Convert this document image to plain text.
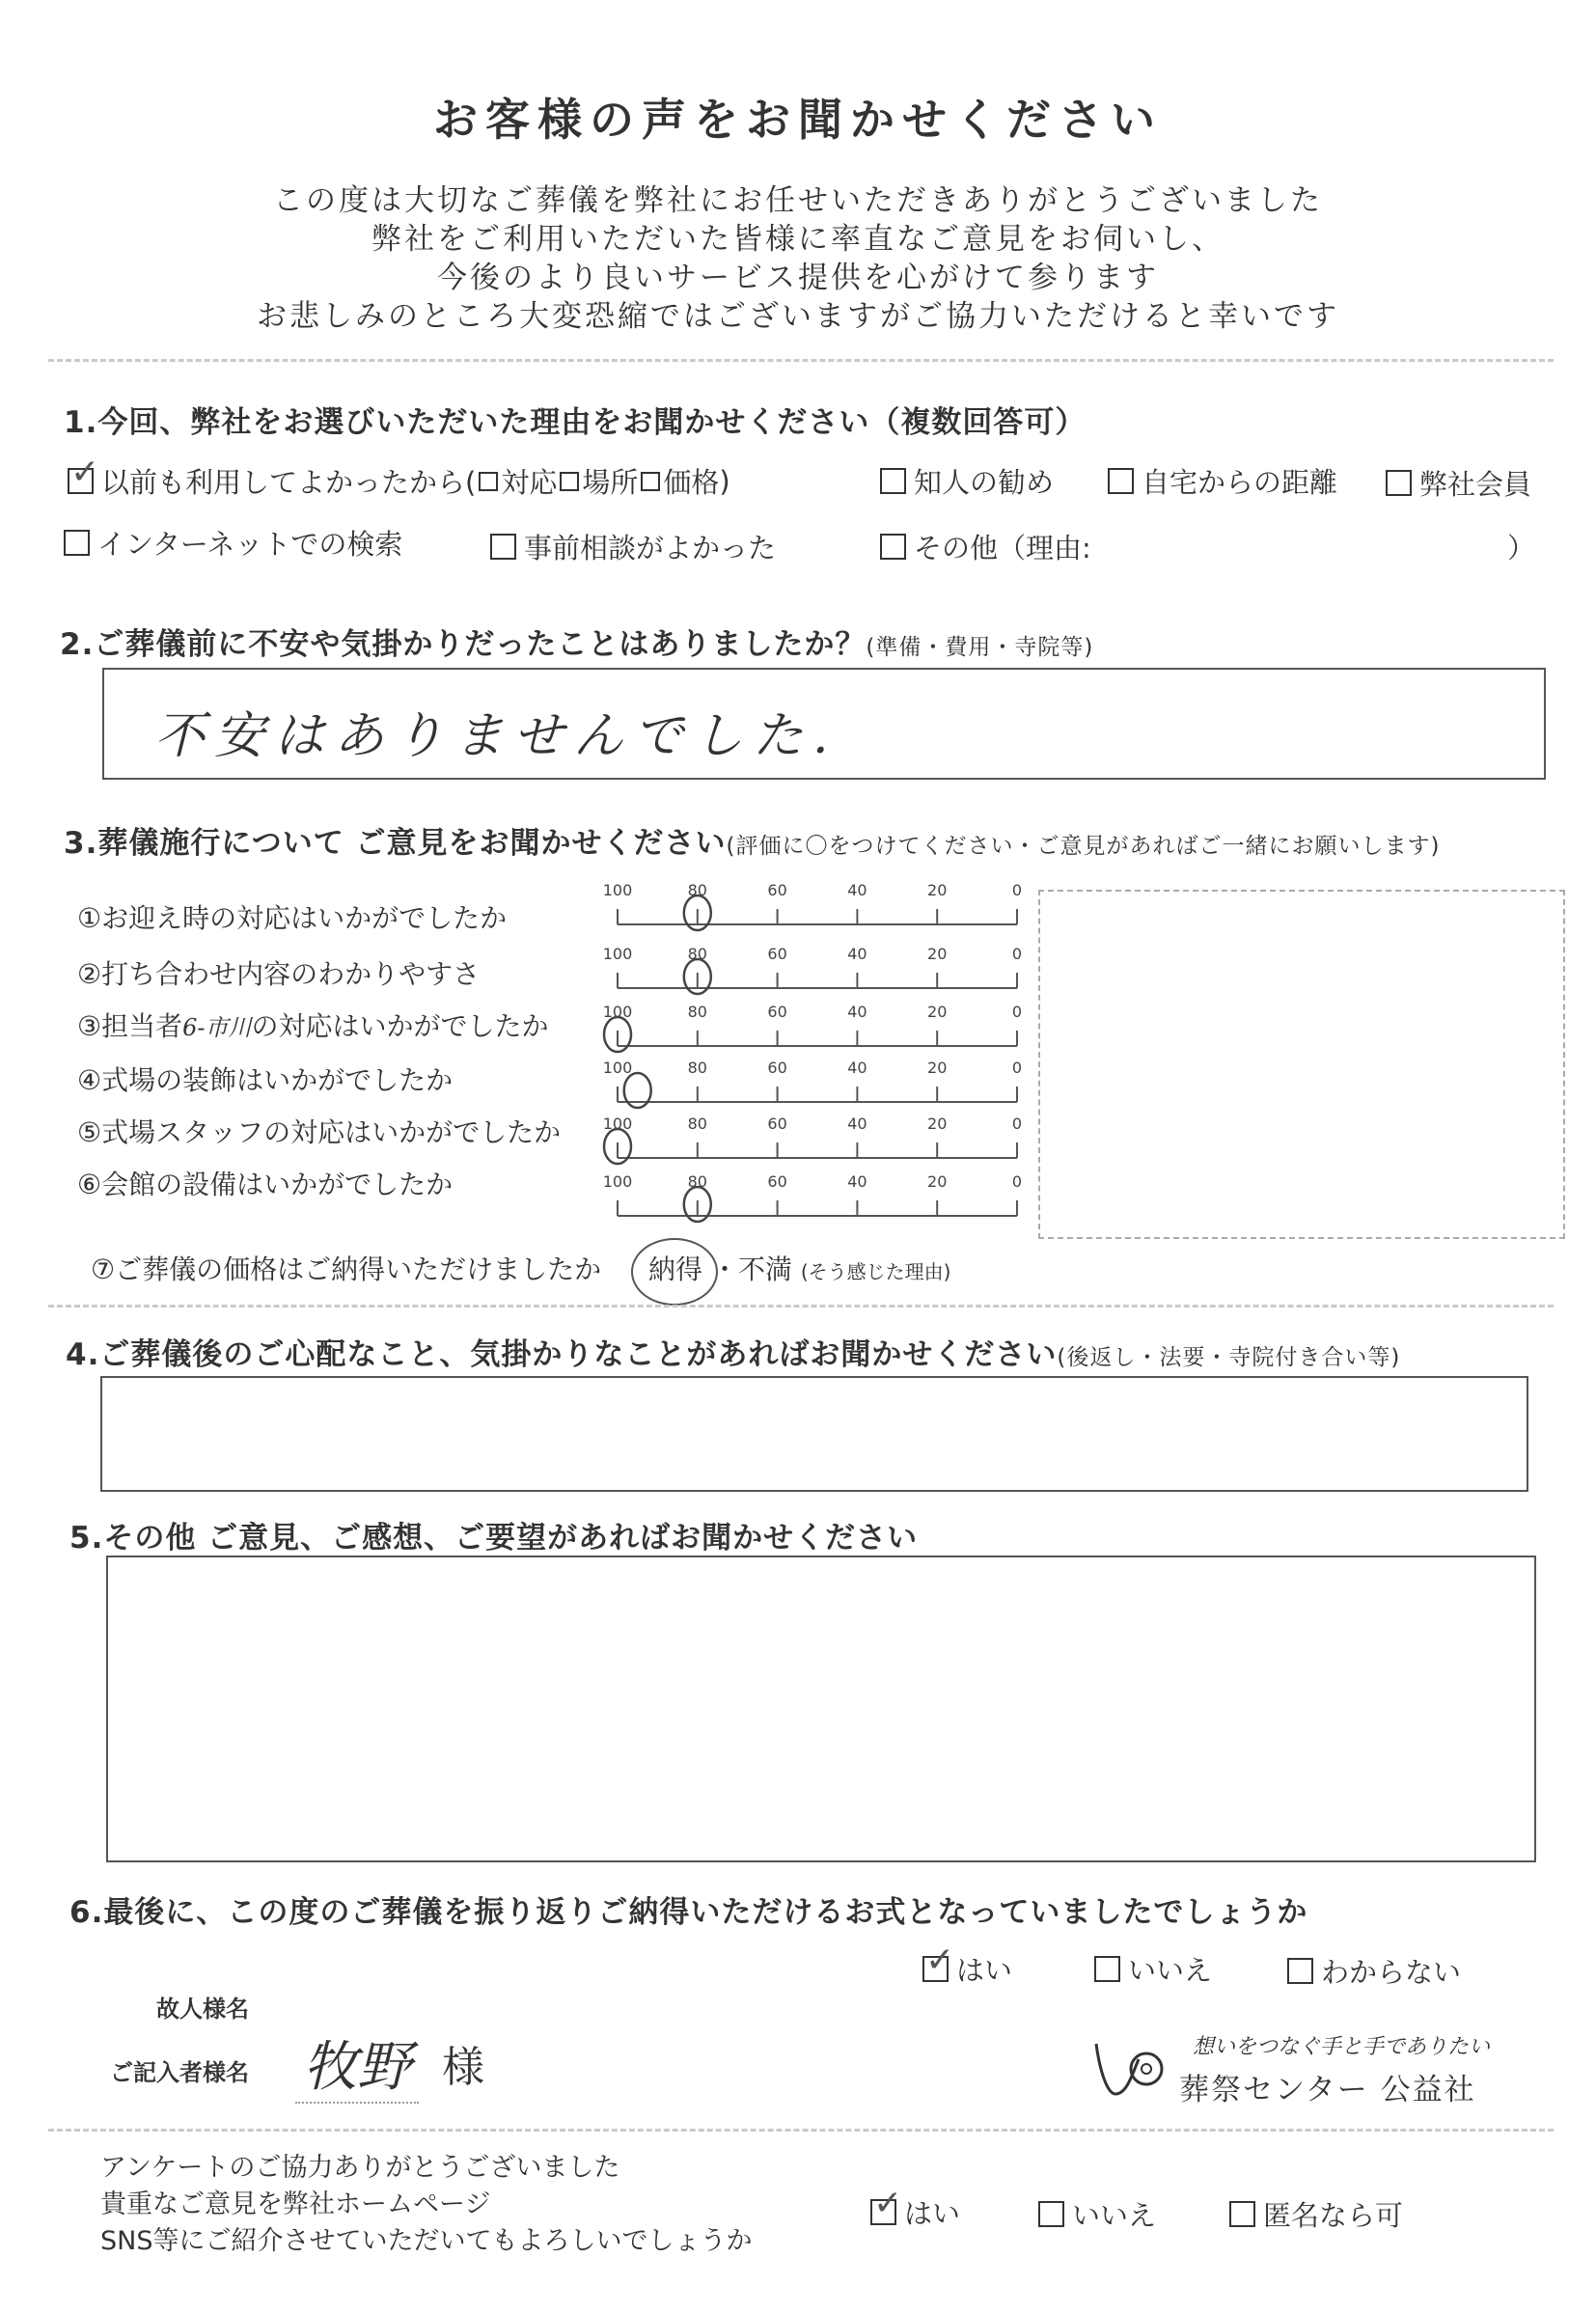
お客様の声をお聞かせください
この度は大切なご葬儀を弊社にお任せいただきありがとうございました
弊社をご利用いただいた皆様に率直なご意見をお伺いし、
今後のより良いサービス提供を心がけて参ります
お悲しみのところ大変恐縮ではございますがご協力いただけると幸いです
1.今回、弊社をお選びいただいた理由をお聞かせください（複数回答可）
✓
以前も利用してよかったから( 対応 場所 価格 )	知人の勧め	自宅からの距離	弊社会員
インターネットでの検索	事前相談がよかった	その他（理由:	）
2.ご葬儀前に不安や気掛かりだったことはありましたか？(準備・費用・寺院等)
不安はありませんでした.
3.葬儀施行について ご意見をお聞かせください(評価に〇をつけてください・ご意見があればご一緒にお願いします)
①お迎え時の対応はいかがでしたか
②打ち合わせ内容のわかりやすさ
③担当者6-市川の対応はいかがでしたか
④式場の装飾はいかがでしたか
⑤式場スタッフの対応はいかがでしたか
⑥会館の設備はいかがでしたか
100	80	60	40	20	0
100	80	60	40	20	0
100	80	60	40	20	0
100	80	60	40	20	0
100	80	60	40	20	0
100	80	60	40	20	0
⑦ご葬儀の価格はご納得いただけましたか 納得 ・不満 (そう感じた理由)
4.ご葬儀後のご心配なこと、気掛かりなことがあればお聞かせください(後返し・法要・寺院付き合い等)
5.その他 ご意見、ご感想、ご要望があればお聞かせください
6.最後に、この度のご葬儀を振り返りご納得いただけるお式となっていましたでしょうか
✓
はい	いいえ	わからない
故人様名
ご記入者様名 牧野 様	想いをつなぐ手と手でありたい
葬祭センター 公益社
アンケートのご協力ありがとうございました
貴重なご意見を弊社ホームページ
SNS等にご紹介させていただいてもよろしいでしょうか
✓
はい	いいえ	匿名なら可
